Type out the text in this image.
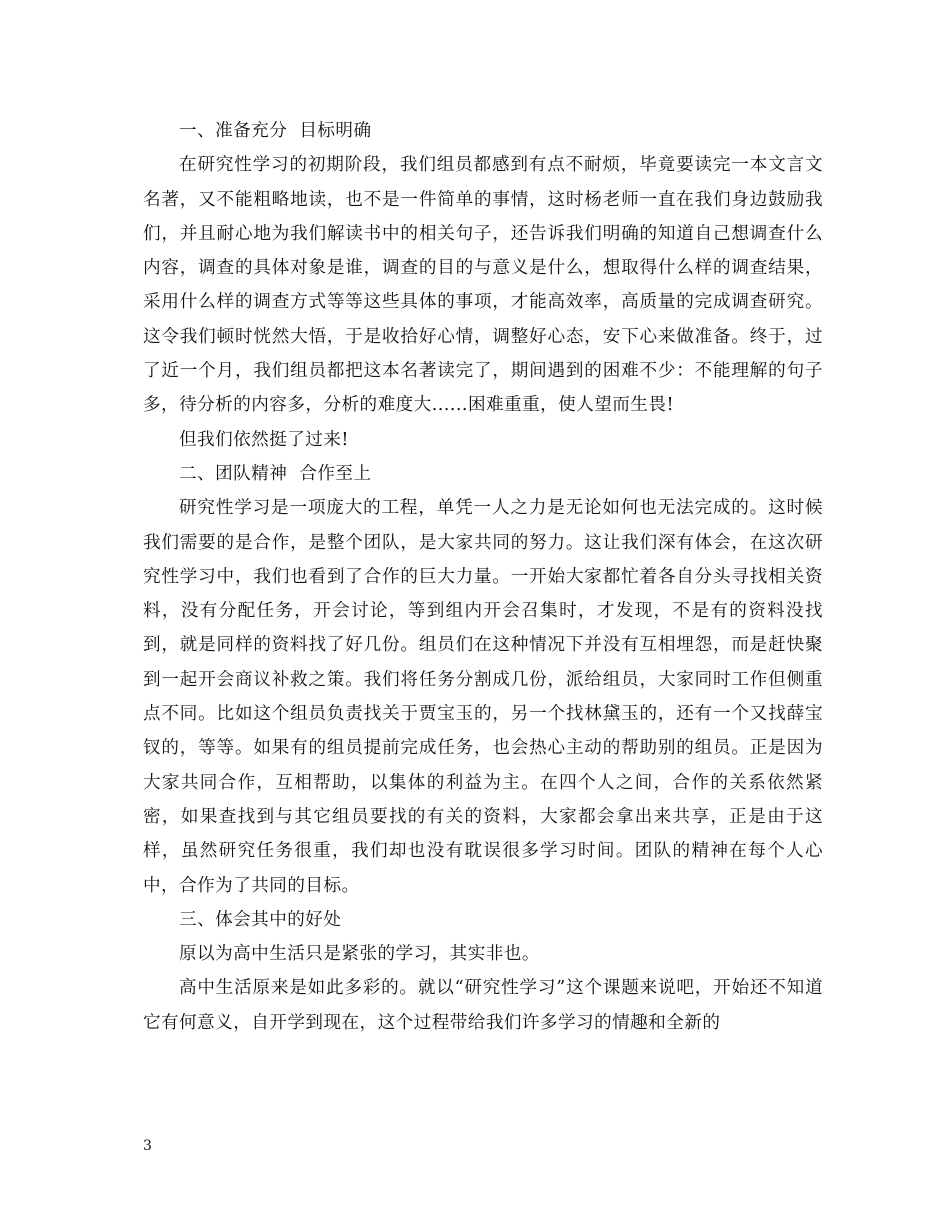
一、准备充分  目标明确

在研究性学习的初期阶段，我们组员都感到有点不耐烦，毕竟要读完一本文言文名著，又不能粗略地读，也不是一件简单的事情，这时杨老师一直在我们身边鼓励我们，并且耐心地为我们解读书中的相关句子，还告诉我们明确的知道自己想调查什么内容，调查的具体对象是谁，调查的目的与意义是什么，想取得什么样的调查结果，采用什么样的调查方式等等这些具体的事项，才能高效率，高质量的完成调查研究。这令我们顿时恍然大悟，于是收拾好心情，调整好心态，安下心来做准备。终于，过了近一个月，我们组员都把这本名著读完了，期间遇到的困难不少：不能理解的句子多，待分析的内容多，分析的难度大......困难重重，使人望而生畏!

但我们依然挺了过来!

二、团队精神  合作至上

研究性学习是一项庞大的工程，单凭一人之力是无论如何也无法完成的。这时候我们需要的是合作，是整个团队，是大家共同的努力。这让我们深有体会，在这次研究性学习中，我们也看到了合作的巨大力量。一开始大家都忙着各自分头寻找相关资料，没有分配任务，开会讨论，等到组内开会召集时，才发现，不是有的资料没找到，就是同样的资料找了好几份。组员们在这种情况下并没有互相埋怨，而是赶快聚到一起开会商议补救之策。我们将任务分割成几份，派给组员，大家同时工作但侧重点不同。比如这个组员负责找关于贾宝玉的，另一个找林黛玉的，还有一个又找薛宝钗的，等等。如果有的组员提前完成任务，也会热心主动的帮助别的组员。正是因为大家共同合作，互相帮助，以集体的利益为主。在四个人之间，合作的关系依然紧密，如果查找到与其它组员要找的有关的资料，大家都会拿出来共享，正是由于这样，虽然研究任务很重，我们却也没有耽误很多学习时间。团队的精神在每个人心中，合作为了共同的目标。

三、体会其中的好处

原以为高中生活只是紧张的学习，其实非也。

高中生活原来是如此多彩的。就以“研究性学习”这个课题来说吧，开始还不知道它有何意义，自开学到现在，这个过程带给我们许多学习的情趣和全新的

3
